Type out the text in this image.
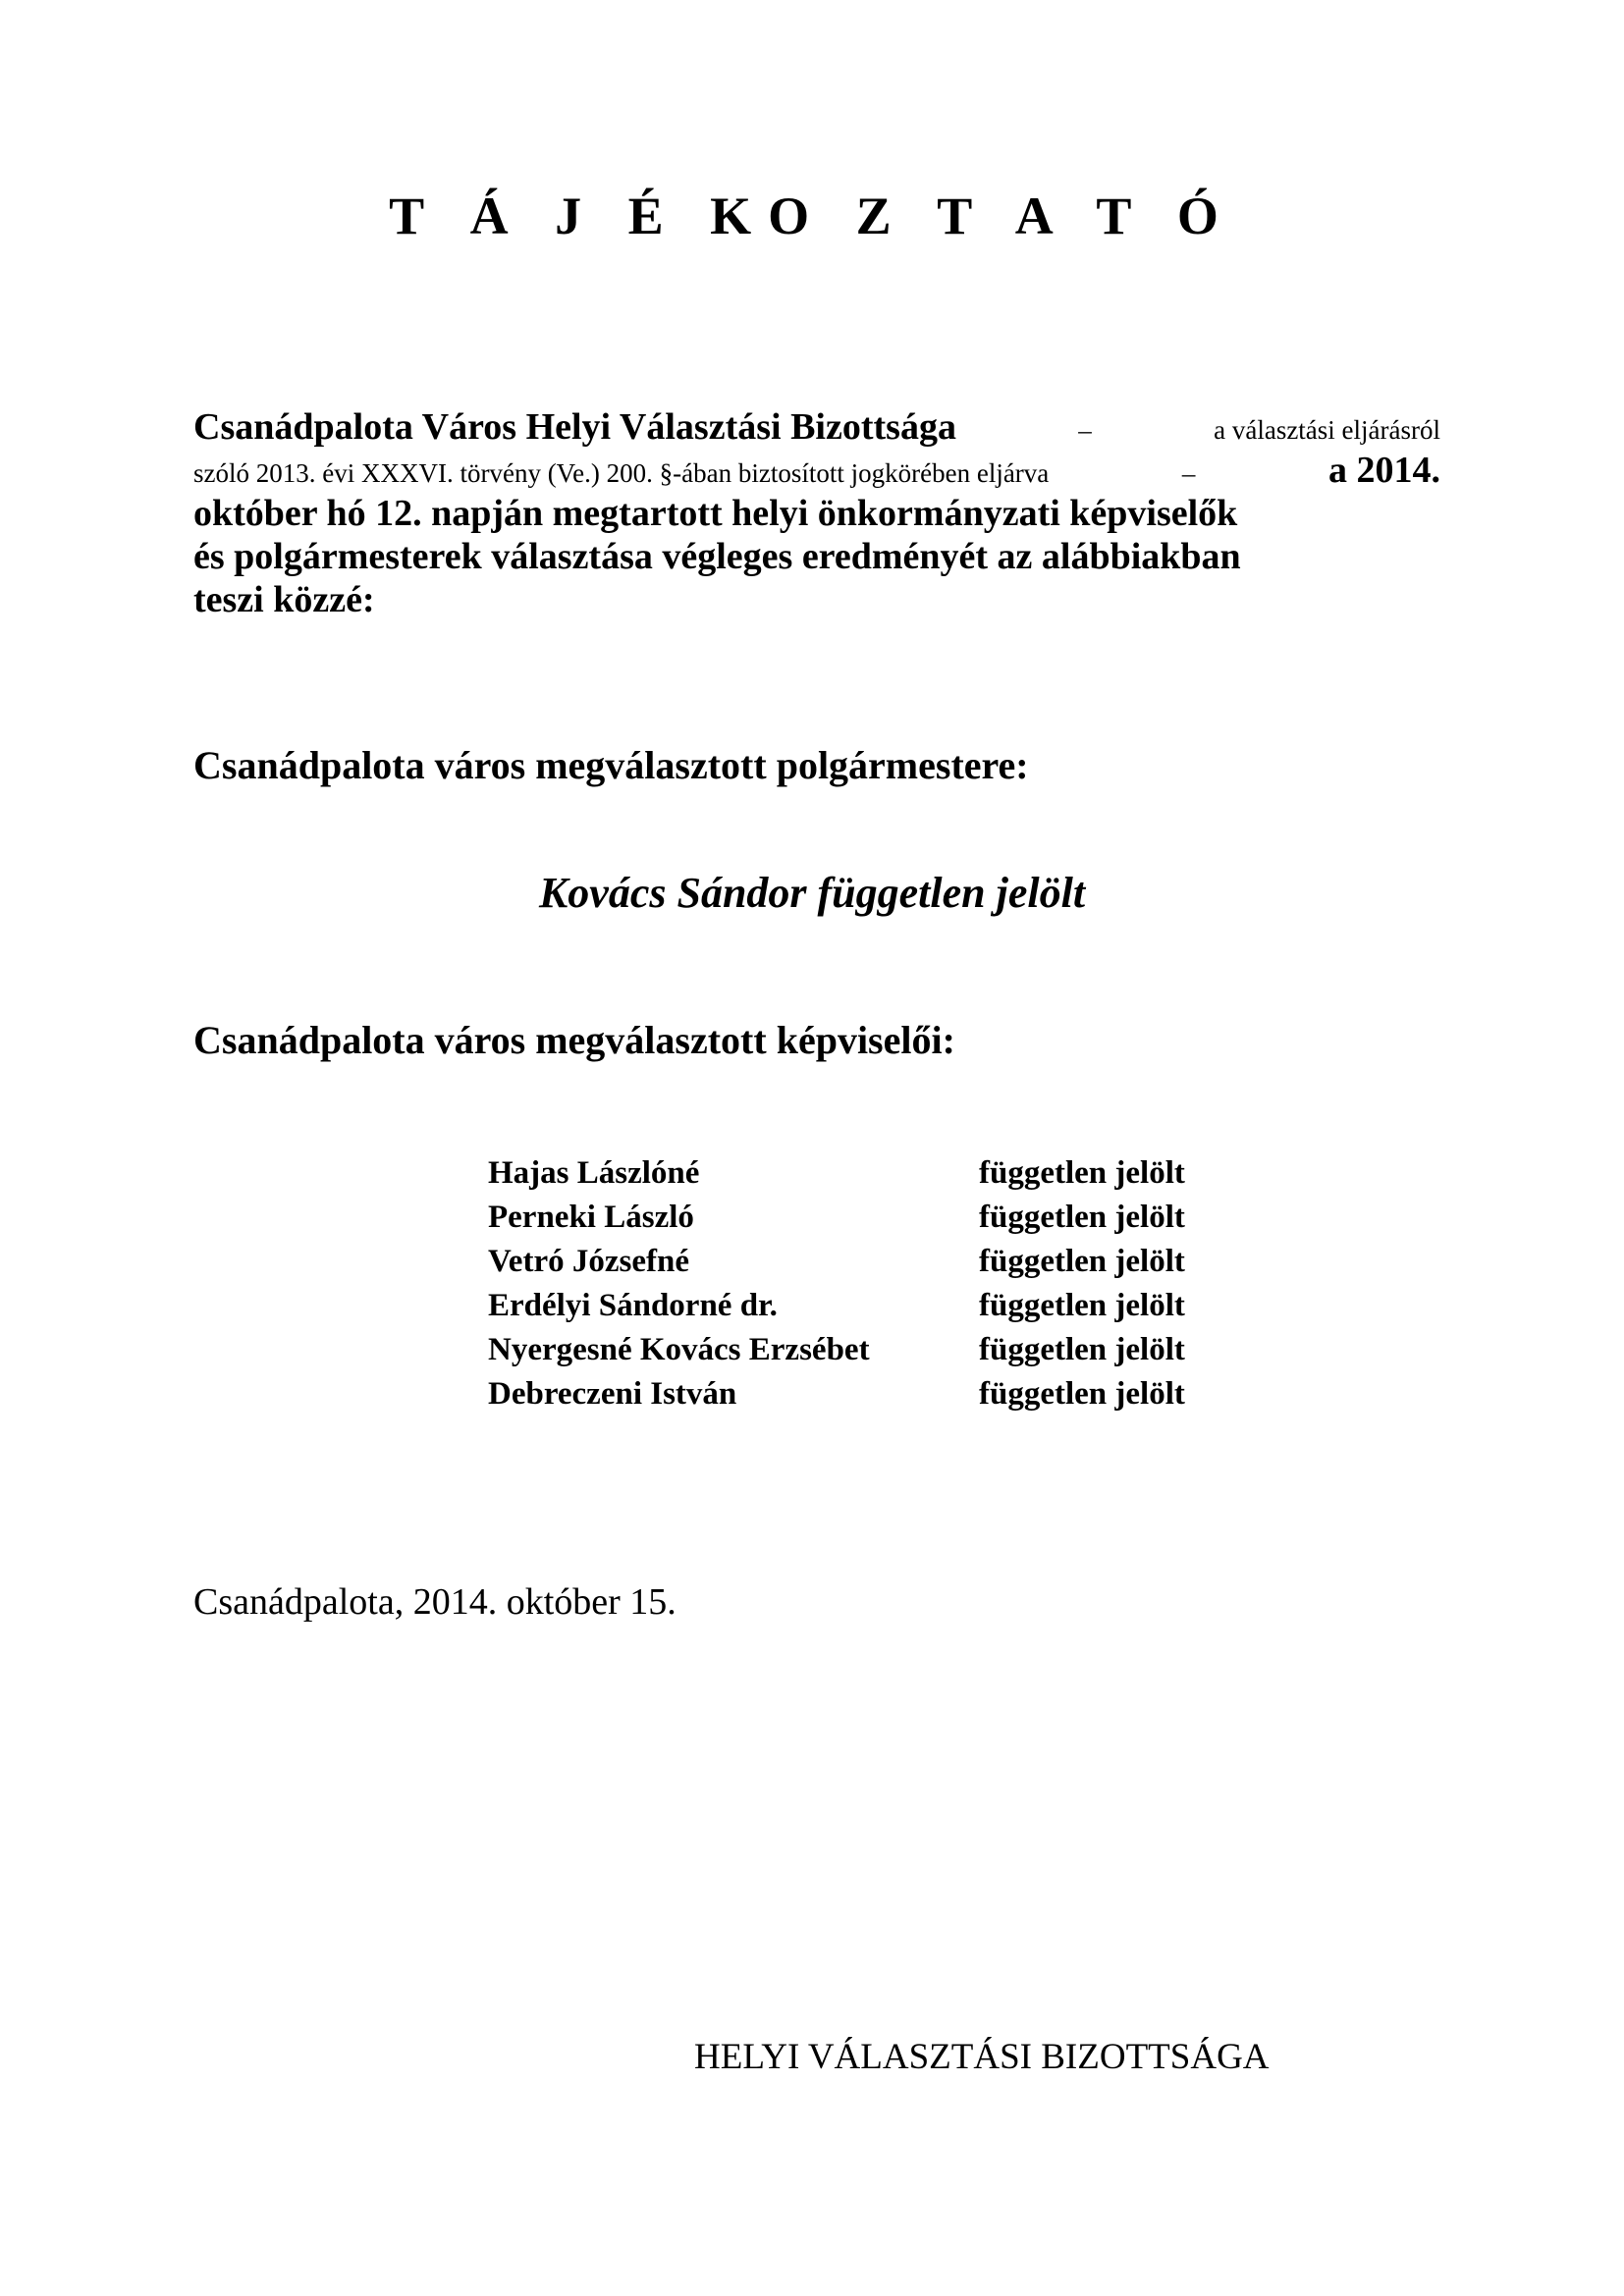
T Á J É KO Z T A T Ó
Csanádpalota Város Helyi Választási Bizottsága	–	a választási eljárásról
szóló 2013. évi XXXVI. törvény (Ve.) 200. §-ában biztosított jogkörében eljárva	–	a 2014.
október hó 12. napján megtartott helyi önkormányzati képviselők
és polgármesterek választása végleges eredményét az alábbiakban
teszi közzé:
Csanádpalota város megválasztott polgármestere:
Kovács Sándor független jelölt
Csanádpalota város megválasztott képviselői:
Hajas Lászlóné	független jelölt
Perneki László	független jelölt
Vetró Józsefné	független jelölt
Erdélyi Sándorné dr.	független jelölt
Nyergesné Kovács Erzsébet	független jelölt
Debreczeni István	független jelölt
Csanádpalota, 2014. október 15.
HELYI VÁLASZTÁSI BIZOTTSÁGA
